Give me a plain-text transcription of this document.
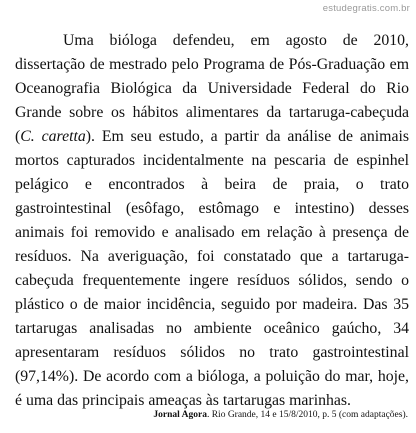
estudegratis.com.br

Uma bióloga defendeu, em agosto de 2010, dissertação de mestrado pelo Programa de Pós-Graduação em Oceanografia Biológica da Universidade Federal do Rio Grande sobre os hábitos alimentares da tartaruga-cabeçuda (C. caretta). Em seu estudo, a partir da análise de animais mortos capturados incidentalmente na pescaria de espinhel pelágico e encontrados à beira de praia, o trato gastrointestinal (esôfago, estômago e intestino) desses animais foi removido e analisado em relação à presença de resíduos. Na averiguação, foi constatado que a tartaruga-cabeçuda frequentemente ingere resíduos sólidos, sendo o plástico o de maior incidência, seguido por madeira. Das 35 tartarugas analisadas no ambiente oceânico gaúcho, 34 apresentaram resíduos sólidos no trato gastrointestinal (97,14%). De acordo com a bióloga, a poluição do mar, hoje, é uma das principais ameaças às tartarugas marinhas.

Jornal Agora. Rio Grande, 14 e 15/8/2010, p. 5 (com adaptações).
